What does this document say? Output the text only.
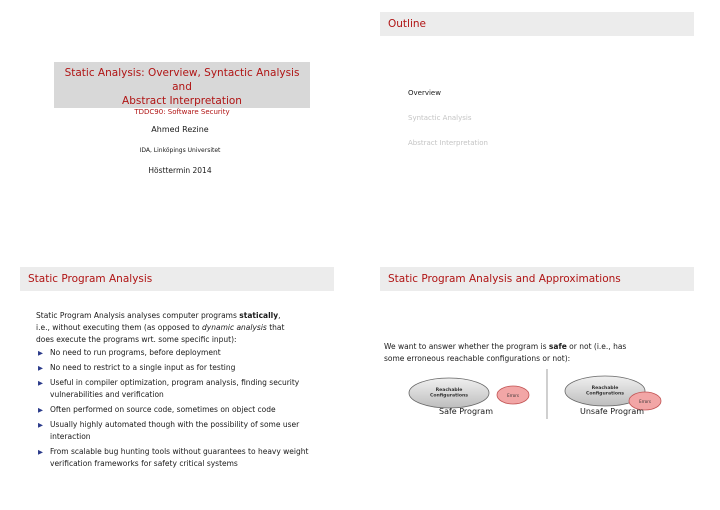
Static Analysis: Overview, Syntactic Analysis and
Abstract Interpretation
TDDC90: Software Security
Ahmed Rezine
IDA, Linköpings Universitet
Hösttermin 2014
Outline
Overview
Syntactic Analysis
Abstract Interpretation
Static Program Analysis
Static Program Analysis analyses computer programs statically,
i.e., without executing them (as opposed to dynamic analysis that
does execute the programs wrt. some specific input):
▶ No need to run programs, before deployment
▶ No need to restrict to a single input as for testing
▶ Useful in compiler optimization, program analysis, finding security vulnerabilities and verification
▶ Often performed on source code, sometimes on object code
▶ Usually highly automated though with the possibility of some user interaction
▶ From scalable bug hunting tools without guarantees to heavy weight verification frameworks for safety critical systems
Static Program Analysis and Approximations
We want to answer whether the program is safe or not (i.e., has
some erroneous reachable configurations or not):
Reachable
Configurations	Errors
Reachable
Configurations
Errors
Safe Program	Unsafe Program
